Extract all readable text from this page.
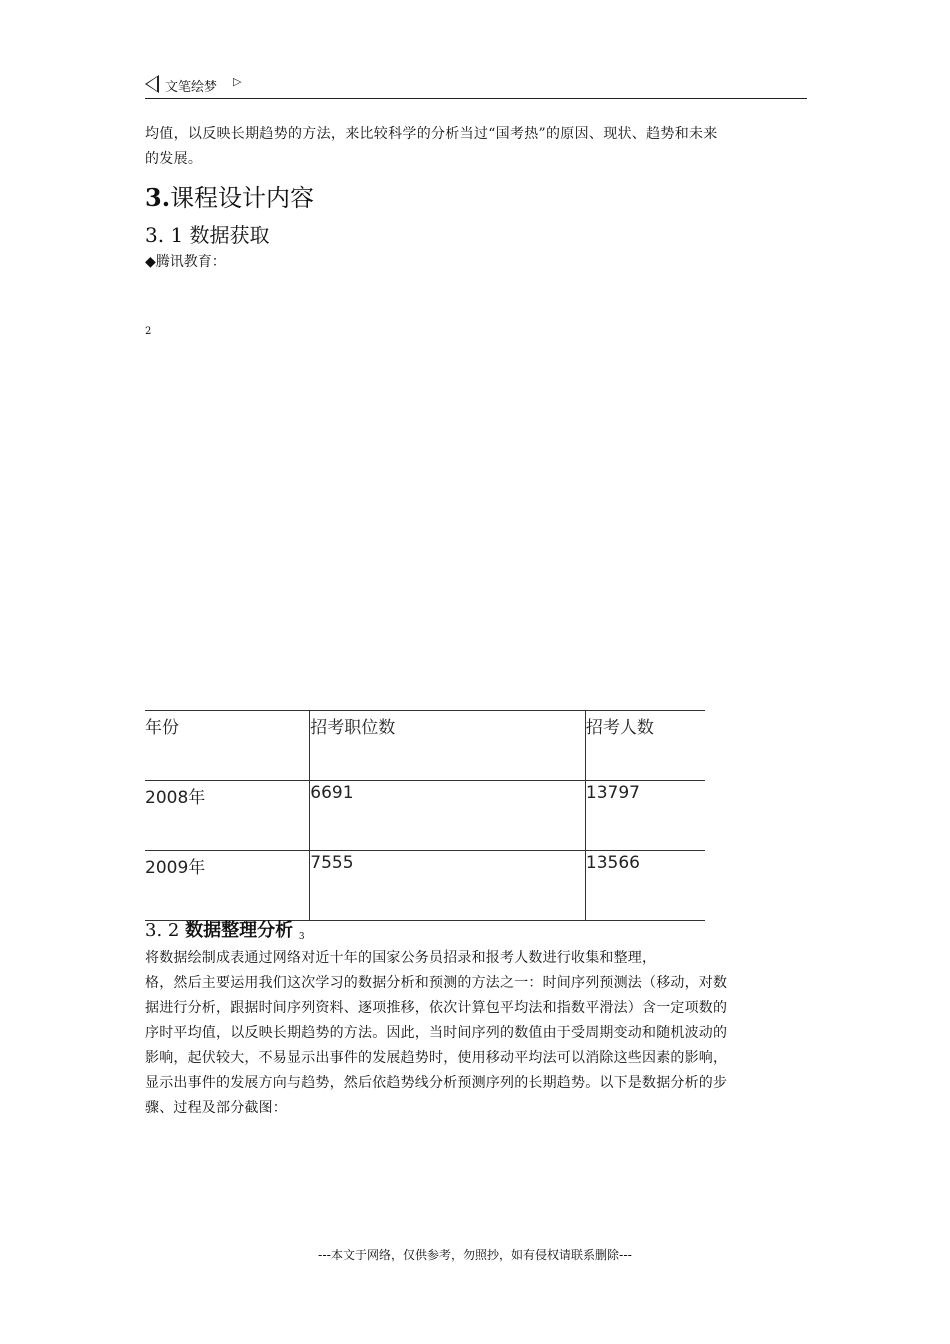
文笔绘梦 ▷
均值，以反映长期趋势的方法，来比较科学的分析当过“国考热”的原因、现状、趋势和未来
的发展。
3.课程设计内容
3. 1 数据获取
◆腾讯教育：
2
年份	招考职位数	招考人数
2008年	6691	13797
2009年	7555	13566
3. 2 数据整理分析 $_3$
将数据绘制成表通过网络对近十年的国家公务员招录和报考人数进行收集和整理，
格，然后主要运用我们这次学习的数据分析和预测的方法之一：时间序列预测法（移动，对数
据进行分析，跟据时间序列资料、逐项推移，依次计算包平均法和指数平滑法）含一定项数的
序时平均值，以反映长期趋势的方法。因此，当时间序列的数值由于受周期变动和随机波动的
影响，起伏较大，不易显示出事件的发展趋势时，使用移动平均法可以消除这些因素的影响，
显示出事件的发展方向与趋势，然后依趋势线分析预测序列的长期趋势。以下是数据分析的步
骤、过程及部分截图：
---本文于网络，仅供参考，勿照抄，如有侵权请联系删除---
